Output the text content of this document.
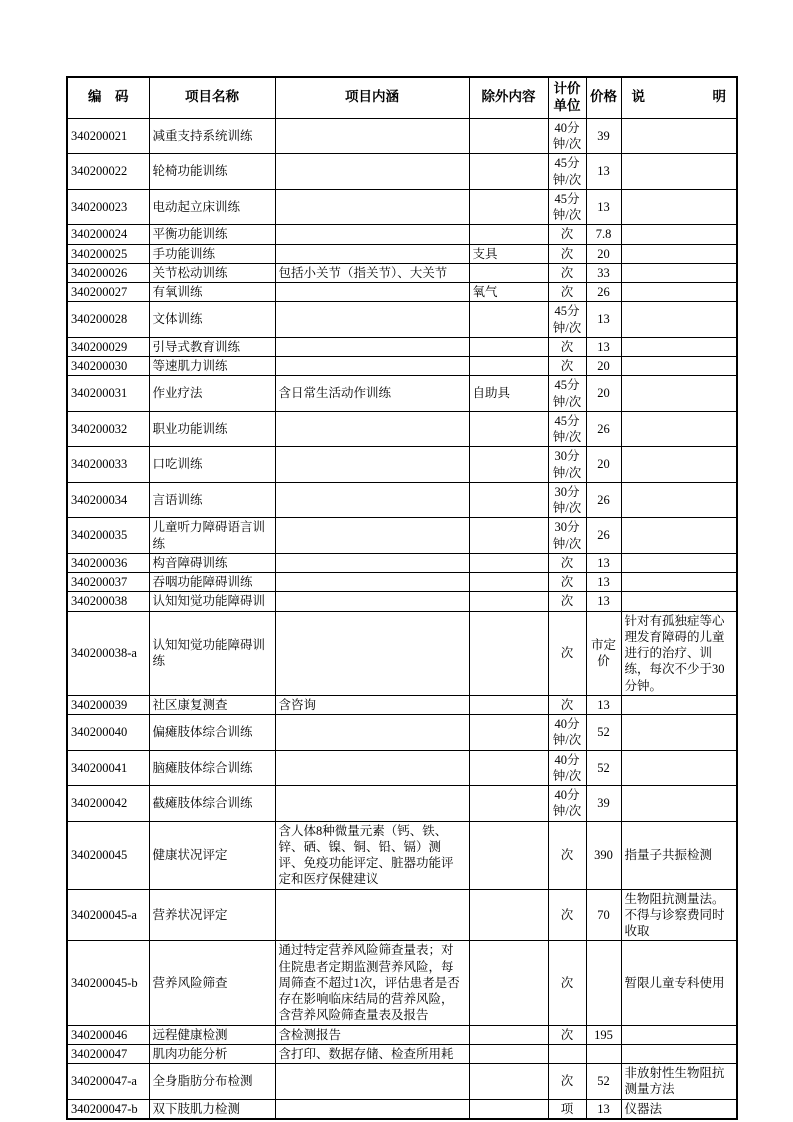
编　码	项目名称	项目内涵	除外内容	计价单位	价格	说　　　　　明
340200021	减重支持系统训练			40分钟/次	39	
340200022	轮椅功能训练			45分钟/次	13	
340200023	电动起立床训练			45分钟/次	13	
340200024	平衡功能训练			次	7.8	
340200025	手功能训练		支具	次	20	
340200026	关节松动训练	包括小关节（指关节）、大关节		次	33	
340200027	有氧训练		氧气	次	26	
340200028	文体训练			45分钟/次	13	
340200029	引导式教育训练			次	13	
340200030	等速肌力训练			次	20	
340200031	作业疗法	含日常生活动作训练	自助具	45分钟/次	20	
340200032	职业功能训练			45分钟/次	26	
340200033	口吃训练			30分钟/次	20	
340200034	言语训练			30分钟/次	26	
340200035	儿童听力障碍语言训练			30分钟/次	26	
340200036	构音障碍训练			次	13	
340200037	吞咽功能障碍训练			次	13	
340200038	认知知觉功能障碍训			次	13	
340200038-a	认知知觉功能障碍训练			次	市定价	针对有孤独症等心理发育障碍的儿童进行的治疗、训练，每次不少于30分钟。
340200039	社区康复测查	含咨询		次	13	
340200040	偏瘫肢体综合训练			40分钟/次	52	
340200041	脑瘫肢体综合训练			40分钟/次	52	
340200042	截瘫肢体综合训练			40分钟/次	39	
340200045	健康状况评定	含人体8种微量元素（钙、铁、锌、硒、镍、铜、铅、镉）测评、免疫功能评定、脏器功能评定和医疗保健建议		次	390	指量子共振检测
340200045-a	营养状况评定			次	70	生物阻抗测量法。不得与诊察费同时收取
340200045-b	营养风险筛查	通过特定营养风险筛查量表；对住院患者定期监测营养风险，每周筛查不超过1次，评估患者是否存在影响临床结局的营养风险，含营养风险筛查量表及报告		次		暂限儿童专科使用
340200046	远程健康检测	含检测报告		次	195	
340200047	肌肉功能分析	含打印、数据存储、检查所用耗				
340200047-a	全身脂肪分布检测			次	52	非放射性生物阻抗测量方法
340200047-b	双下肢肌力检测			项	13	仪器法
